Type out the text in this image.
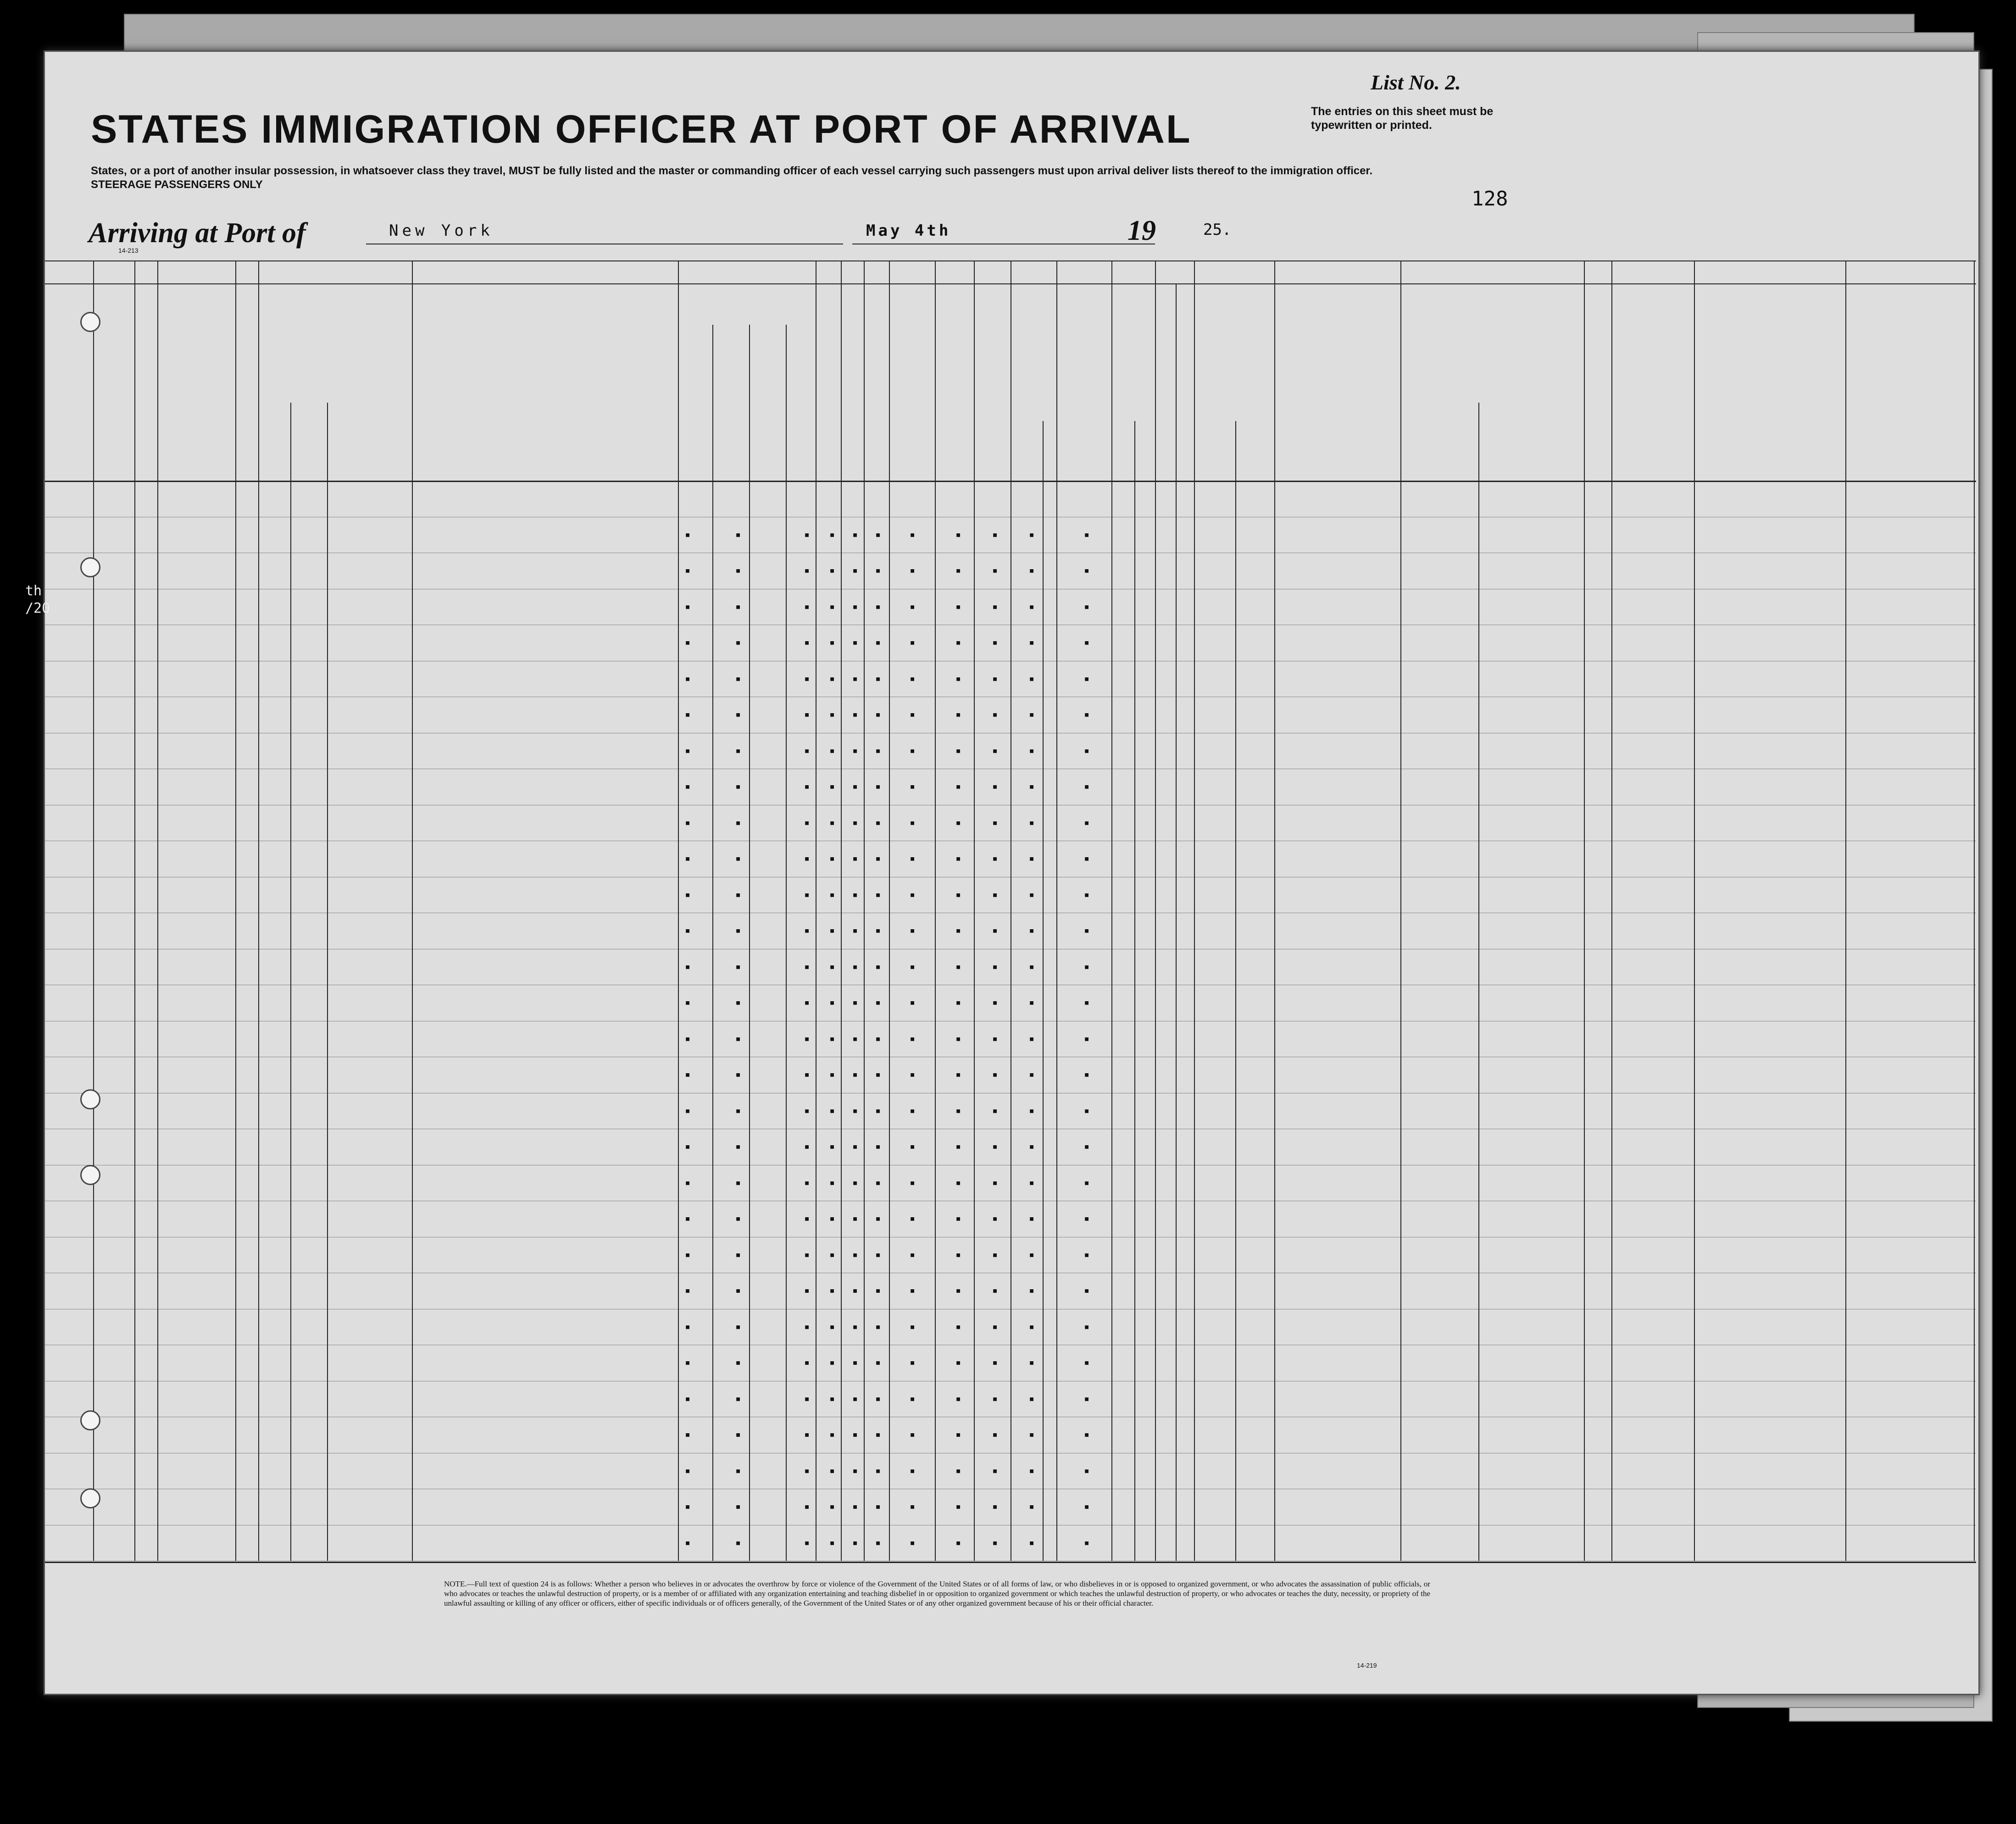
List No. 2.
The entries on this sheet must be typewritten or printed.
STATES IMMIGRATION OFFICER AT PORT OF ARRIVAL
States, or a port of another insular possession, in whatsoever class they travel, MUST be fully listed and the master or commanding officer of each vessel carrying such passengers must upon arrival deliver lists thereof to the immigration officer.
STEERAGE PASSENGERS ONLY
128
Arriving at Port of	New York	May 4th	19	25.
14-213
▪	▪	▪ ▪ ▪ ▪	▪	▪	▪	▪	▪
▪	▪	▪ ▪ ▪ ▪	▪	▪	▪	▪	▪
▪	▪	▪ ▪ ▪ ▪	▪	▪	▪	▪	▪
▪	▪	▪ ▪ ▪ ▪	▪	▪	▪	▪	▪
▪	▪	▪ ▪ ▪ ▪	▪	▪	▪	▪	▪
▪	▪	▪ ▪ ▪ ▪	▪	▪	▪	▪	▪
▪	▪	▪ ▪ ▪ ▪	▪	▪	▪	▪	▪
▪	▪	▪ ▪ ▪ ▪	▪	▪	▪	▪	▪
▪	▪	▪ ▪ ▪ ▪	▪	▪	▪	▪	▪
▪	▪	▪ ▪ ▪ ▪	▪	▪	▪	▪	▪
▪	▪	▪ ▪ ▪ ▪	▪	▪	▪	▪	▪
▪	▪	▪ ▪ ▪ ▪	▪	▪	▪	▪	▪
▪	▪	▪ ▪ ▪ ▪	▪	▪	▪	▪	▪
▪	▪	▪ ▪ ▪ ▪	▪	▪	▪	▪	▪
▪	▪	▪ ▪ ▪ ▪	▪	▪	▪	▪	▪
▪	▪	▪ ▪ ▪ ▪	▪	▪	▪	▪	▪
▪	▪	▪ ▪ ▪ ▪	▪	▪	▪	▪	▪
▪	▪	▪ ▪ ▪ ▪	▪	▪	▪	▪	▪
▪	▪	▪ ▪ ▪ ▪	▪	▪	▪	▪	▪
▪	▪	▪ ▪ ▪ ▪	▪	▪	▪	▪	▪
▪	▪	▪ ▪ ▪ ▪	▪	▪	▪	▪	▪
▪	▪	▪ ▪ ▪ ▪	▪	▪	▪	▪	▪
▪	▪	▪ ▪ ▪ ▪	▪	▪	▪	▪	▪
▪	▪	▪ ▪ ▪ ▪	▪	▪	▪	▪	▪
▪	▪	▪ ▪ ▪ ▪	▪	▪	▪	▪	▪
▪	▪	▪ ▪ ▪ ▪	▪	▪	▪	▪	▪
▪	▪	▪ ▪ ▪ ▪	▪	▪	▪	▪	▪
▪	▪	▪ ▪ ▪ ▪	▪	▪	▪	▪	▪
▪	▪	▪ ▪ ▪ ▪	▪	▪	▪	▪	▪
NOTE.—Full text of question 24 is as follows: Whether a person who believes in or advocates the overthrow by force or violence of the Government of the United States or of all forms of law, or who disbelieves in or is opposed to organized government, or who advocates the assassination of public officials, or who advocates or teaches the unlawful destruction of property, or is a member of or affiliated with any organization entertaining and teaching disbelief in or opposition to organized government or which teaches the unlawful destruction of property, or who advocates or teaches the duty, necessity, or propriety of the unlawful assaulting or killing of any officer or officers, either of specific individuals or of officers generally, of the Government of the United States or of any other organized government because of his or their official character.
14-219
th
/20
